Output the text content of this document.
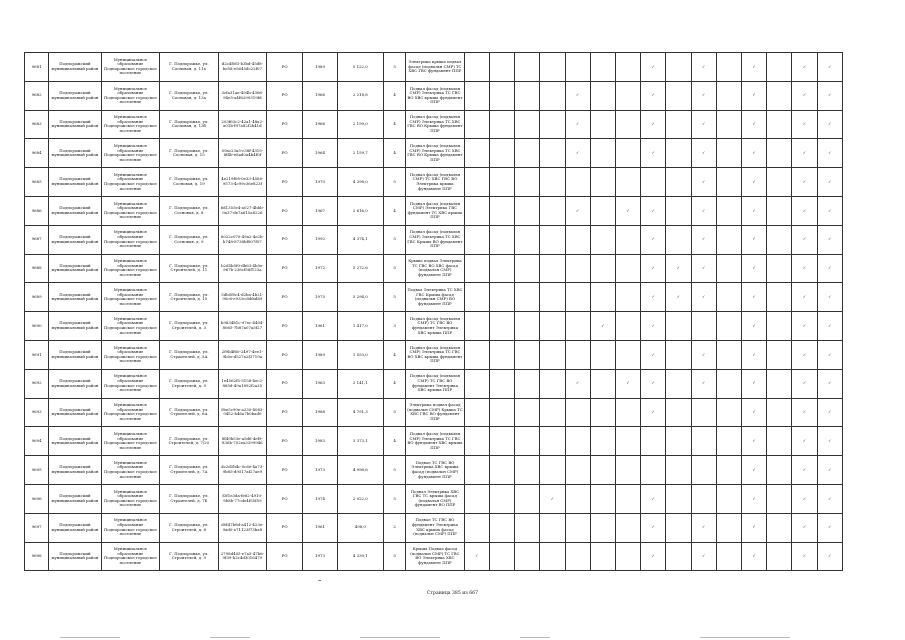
9681	Подпорожский муниципальный район	Муниципальное образование Подпорожское городское поселение	Г. Подпорожье, ул. Сосновая, д. 11а	d2c4f0f3-b3bd-45d8-be58-e5645dc22f07	РО	1989	5 122,0	5	Электрика крыша подвал фасад (подвальн СМР) ТС ХВС ГВС фундамент ППР								✓		✓		✓		✓	✓
9682	Подпорожский муниципальный район	Муниципальное образование Подпорожское городское поселение	Г. Подпорожье, ул. Сосновая, д. 13а	3cfa31ae-494b-4366-94e5-a4f6299319fd	РО	1966	2 218,8	4	Подвал фасад (подвальн СМР) Электрика ТС ГВС ВО ХВС крыша фундамент ППР					✓			✓		✓		✓		✓	✓
9683	Подпорожский муниципальный район	Муниципальное образование Подпорожское городское поселение	Г. Подпорожье, ул. Сосновая, д. 13б	203f63c2-42a1-48a2-a01b-f97a82f2b41d	РО	1966	2 199,0	4	Подвал фасад (подвальн СМР) Электрика ТС ХВС ГВС ВО Крыша фундамент ППР					✓			✓		✓		✓		✓	✓
9684	Подпорожский муниципальный район	Муниципальное образование Подпорожское городское поселение	Г. Подпорожье, ул. Сосновая, д. 15	09ac23a5-c38f-4315-8f4b-e8ad0a4b4f0f	РО	1964	2 159,7	4	Подвал фасад (подвальн СМР) Электрика ТС ХВС ГВС ВО Крыша фундамент ППР					✓			✓		✓		✓		✓	✓
9685	Подпорожский муниципальный район	Муниципальное образование Подпорожское городское поселение	Г. Подпорожье, ул. Сосновая, д. 19	4e219f08-0e33-4580-9573-4c99c36e823f	РО	1970	4 398,0	5	Подвал фасад (подвальн СМР) ТС ХВС ГВС ВО Электрика крыша фундамент ППР										✓		✓		✓	✓
9686	Подпорожский муниципальный район	Муниципальное образование Подпорожское городское поселение	Г. Подпорожье, ул. Сосновая, д. 8	6d1355e4-a027-4bbb-9a37-de7a615a8226	РО	1967	2 616,0	4	Подвал фасад (подвальн СМР) Электрика ГВС фундамент ТС ХВС крыша ППР					✓		✓	✓		✓		✓		✓	✓
9687	Подпорожский муниципальный район	Муниципальное образование Подпорожское городское поселение	Г. Подпорожье, ул. Сосновая, д. 9	6022c070-49a2-4e2b-b748-8738bf807f07	РО	1992	4 374,1	5	Подвал фасад (подвальн СМР) Электрика ТС ХВС ГВС Крыша ВО фундамент ППР								✓		✓		✓		✓	✓
9688	Подпорожский муниципальный район	Муниципальное образование Подпорожское городское поселение	Г. Подпорожье, ул. Строителей, д. 11	b2d5b5f0-db63-4b5e-967b-238cf58f123a	РО	1972	5 272,6	5	Крыша подвал Электрика ТС ГВС ВО ХВС фасад (подвальн СМР) фундамент ППР								✓	✓	✓		✓		✓	✓
9689	Подпорожский муниципальный район	Муниципальное образование Подпорожское городское поселение	Г. Подпорожье, ул. Строителей, д. 15	5db5f0c4-d2ba-4b21-90c6-e933ccbbbd89	РО	1975	5 294,0	5	Подвал Электрика ТС ХВС ГВС Крыша фасад (подвальн СМР) ВО фундамент ППР								✓	✓	✓		✓		✓	✓
9690	Подпорожский муниципальный район	Муниципальное образование Подпорожское городское поселение	Г. Подпорожье, ул. Строителей, д. 3	b9834b1c-97ec-4404-8065-7b87a07a5f27	РО	1961	1 417,0	3	Подвал фасад (подвальн СМР) ТС ГВС ВО фундамент Электрика ХВС крыша ППР						✓		✓				✓		✓	✓
9691	Подпорожский муниципальный район	Муниципальное образование Подпорожское городское поселение	Г. Подпорожье, ул. Строителей, д. 5А	2f9b4f60-2497-4ee1-9b5e-d527a2f3719a	РО	1989	1 553,0	4	Подвал фасад (подвальн СМР) Электрика ТС ГВС ВО ХВС крыша фундамент ППР								✓		✓		✓		✓	✓
9692	Подпорожский муниципальный район	Муниципальное образование Подпорожское городское поселение	Г. Подпорожье, ул. Строителей, д. 5	1e4562f5-5158-4ec2-885d-49a1892f2a35	РО	1963	2 141,1	4	Подвал фасад (подвальн СМР) ТС ГВС ВО фундамент Электрика ХВС крыша ППР					✓		✓	✓		✓		✓		✓	✓
9693	Подпорожский муниципальный район	Муниципальное образование Подпорожское городское поселение	Г. Подпорожье, ул. Строителей, д. 6А	0be5c90e-a230-4083-9452-b46a7b0bad0	РО	1988	4 791,3	5	Электрика подвал фасад (подвальн СМР) Крыша ТС ХВС ГВС ВО фундамент ППР								✓				✓		✓	✓
9694	Подпорожский муниципальный район	Муниципальное образование Подпорожское городское поселение	Г. Подпорожье, ул. Строителей, д. 7/20	8f49b53e-a5d6-4ef9-836b-752ea3399946	РО	1983	3 373,1	4	Подвал фасад (подвальн СМР) Электрика ТС ГВС ВО фундамент ХВС крыша ППР												✓		✓	✓
9695	Подпорожский муниципальный район	Муниципальное образование Подпорожское городское поселение	Г. Подпорожье, ул. Строителей, д. 7А	dc2d5b4c-0c6e-4a73-9b85-d9517af27ae9	РО	1973	4 996,6	5	Подвал ТС ГВС ВО Электрика ХВС крыша фасад (подвальн СМР) фундамент ППР												✓		✓	✓
9696	Подпорожский муниципальный район	Муниципальное образование Подпорожское городское поселение	Г. Подпорожье, ул. Строителей, д. 7Б	f3f1e3da-fe82-4910-9b8b-77cde4f55f59	РО	1974	2 022,0	5	Подвал Электрика ХВС ГВС ТС крыша фасад (подвальн СМР) фундамент ВО ППР				✓				✓				✓		✓	✓
9697	Подпорожский муниципальный район	Муниципальное образование Подпорожское городское поселение	Г. Подпорожье, ул. Строителей, д. 8	d0f47b8d-a412-423e-9ad0-a71123f73ba8	РО	1961	498,0	2	Подвал ТС ГВС ВО фундамент Электрика ХВС крыша фасад (подвальн СМР) ППР								✓		✓		✓		✓	✓
9698	Подпорожский муниципальный район	Муниципальное образование Подпорожское городское поселение	Г. Подпорожье, ул. Строителей, д. 9	2798d405-e7a5-47b6-9f39-b2c4d3016479	РО	1973	4 339,1	5	Крыша Подвал фасад (подвальн СМР) ТС ГВС ВО Электрика ХВС фундамент ППР	✓							✓		✓		✓		✓	✓
Страница 385 из 667
